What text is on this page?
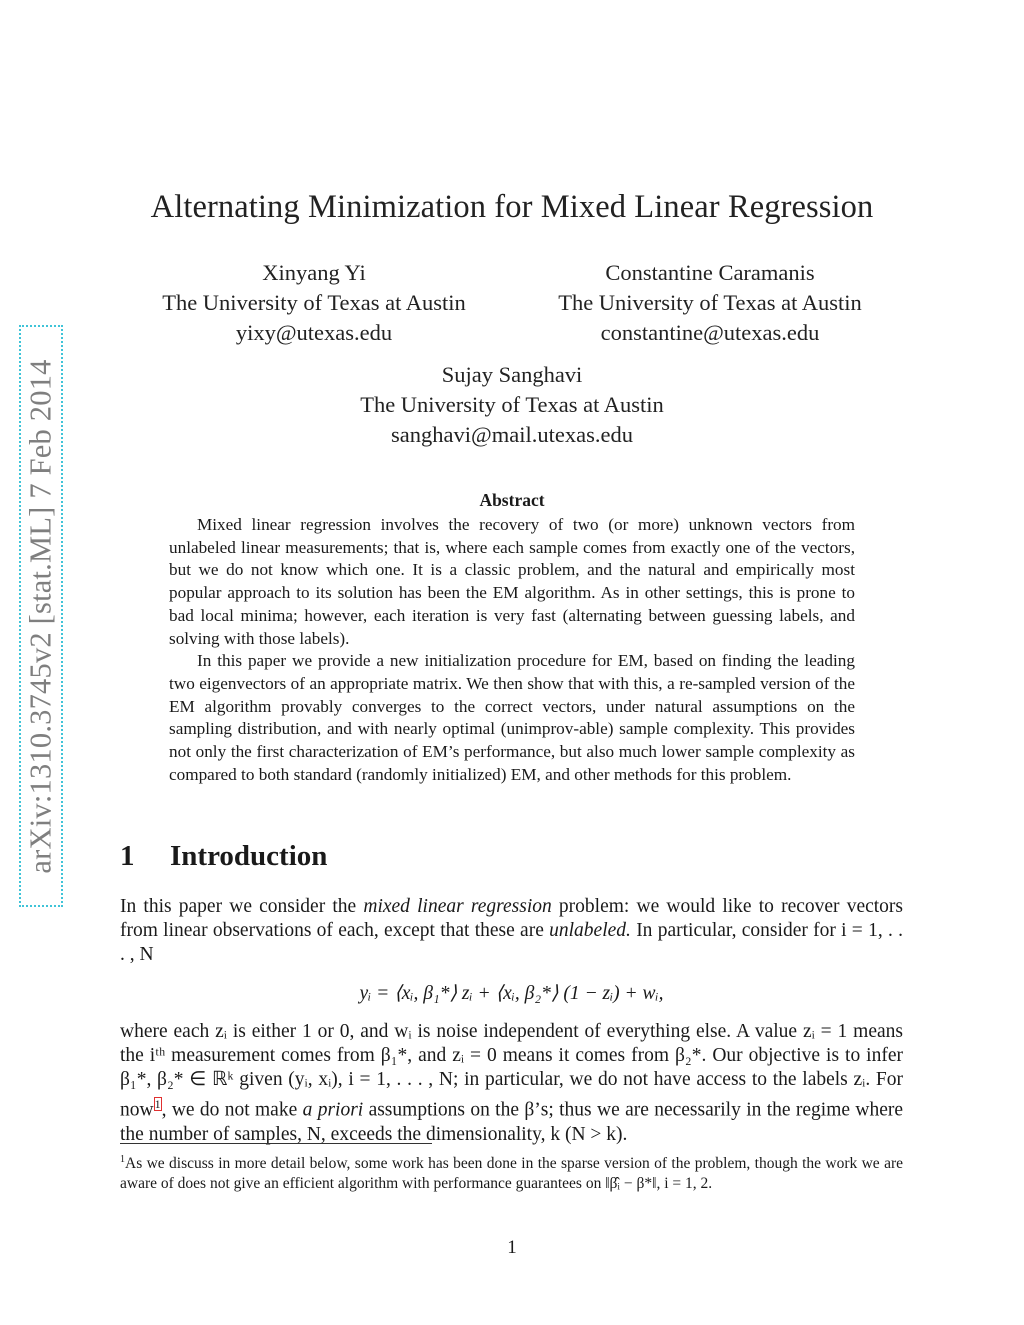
arXiv:1310.3745v2 [stat.ML] 7 Feb 2014
Alternating Minimization for Mixed Linear Regression
Xinyang Yi
The University of Texas at Austin
yixy@utexas.edu
Constantine Caramanis
The University of Texas at Austin
constantine@utexas.edu
Sujay Sanghavi
The University of Texas at Austin
sanghavi@mail.utexas.edu
Abstract

Mixed linear regression involves the recovery of two (or more) unknown vectors from unlabeled linear measurements; that is, where each sample comes from exactly one of the vectors, but we do not know which one. It is a classic problem, and the natural and empirically most popular approach to its solution has been the EM algorithm. As in other settings, this is prone to bad local minima; however, each iteration is very fast (alternating between guessing labels, and solving with those labels).

In this paper we provide a new initialization procedure for EM, based on finding the leading two eigenvectors of an appropriate matrix. We then show that with this, a re-sampled version of the EM algorithm provably converges to the correct vectors, under natural assumptions on the sampling distribution, and with nearly optimal (unimprov-able) sample complexity. This provides not only the first characterization of EM’s performance, but also much lower sample complexity as compared to both standard (randomly initialized) EM, and other methods for this problem.

1 Introduction

In this paper we consider the mixed linear regression problem: we would like to recover vectors from linear observations of each, except that these are unlabeled. In particular, consider for i = 1, . . . , N

yᵢ = ⟨xᵢ, β₁*⟩ zᵢ + ⟨xᵢ, β₂*⟩ (1 − zᵢ) + wᵢ,

where each zᵢ is either 1 or 0, and wᵢ is noise independent of everything else. A value zᵢ = 1 means the iᵗʰ measurement comes from β₁*, and zᵢ = 0 means it comes from β₂*. Our objective is to infer β₁*, β₂* ∈ ℝᵏ given (yᵢ, xᵢ), i = 1, . . . , N; in particular, we do not have access to the labels zᵢ. For now$^1$, we do not make a priori assumptions on the β’s; thus we are necessarily in the regime where the number of samples, N, exceeds the dimensionality, k (N > k).

$^1$As we discuss in more detail below, some work has been done in the sparse version of the problem, though the work we are aware of does not give an efficient algorithm with performance guarantees on ‖β̂ᵢ − β*‖, i = 1, 2.
1
